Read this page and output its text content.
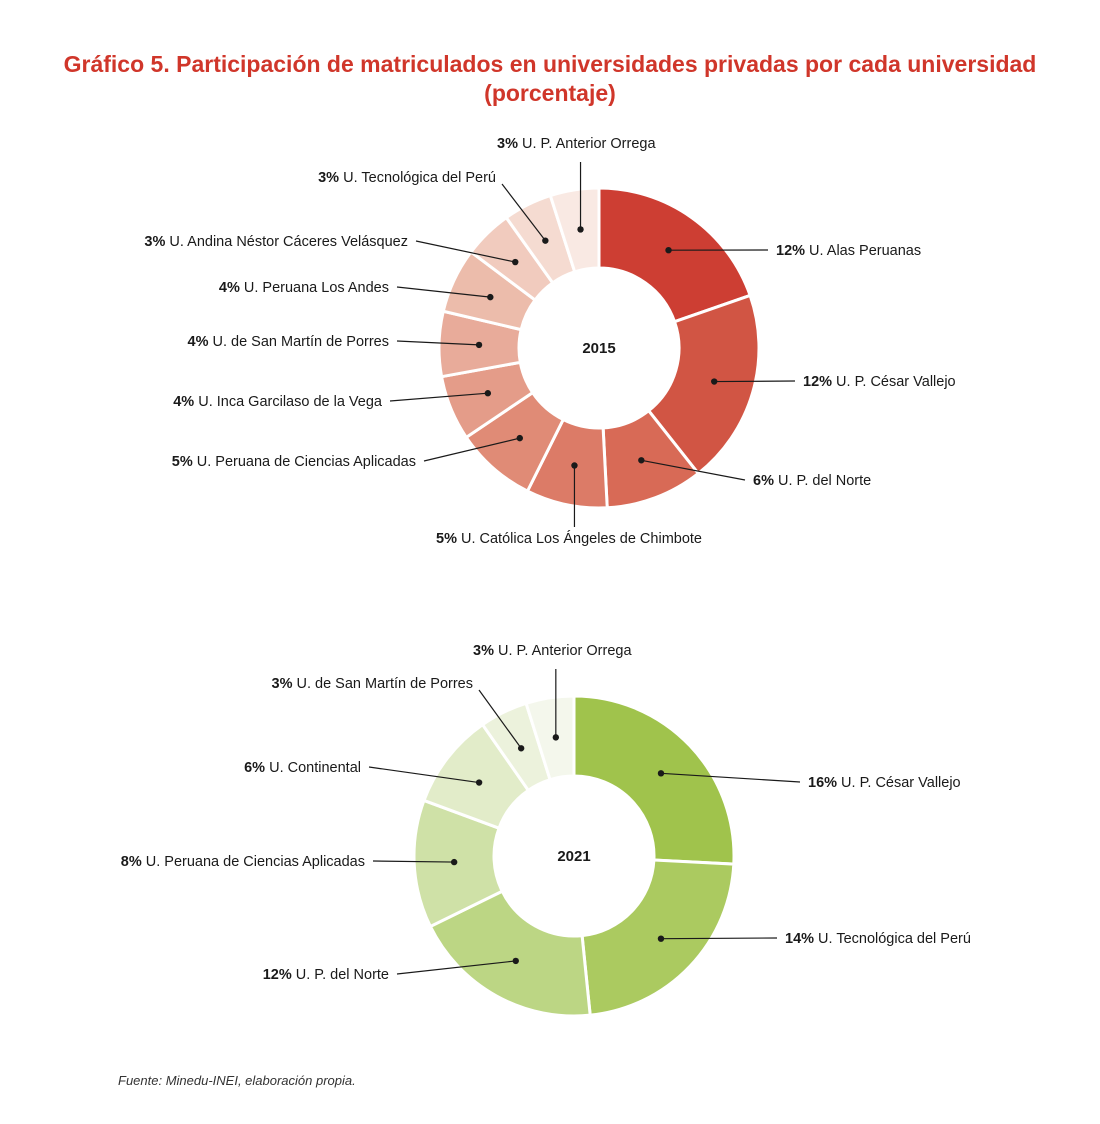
Gráfico 5. Participación de matriculados en universidades privadas por cada universidad
(porcentaje)
12% U. Alas Peruanas
12% U. P. César Vallejo
6% U. P. del Norte
5% U. Católica Los Ángeles de Chimbote
5% U. Peruana de Ciencias Aplicadas
4% U. Inca Garcilaso de la Vega
4% U. de San Martín de Porres
4% U. Peruana Los Andes
3% U. Andina Néstor Cáceres Velásquez
3% U. Tecnológica del Perú
3% U. P. Anterior Orrega
2015
16% U. P. César Vallejo
14% U. Tecnológica del Perú
12% U. P. del Norte
8% U. Peruana de Ciencias Aplicadas
6% U. Continental
3% U. de San Martín de Porres
3% U. P. Anterior Orrega
2021
Fuente: Minedu-INEI, elaboración propia.
